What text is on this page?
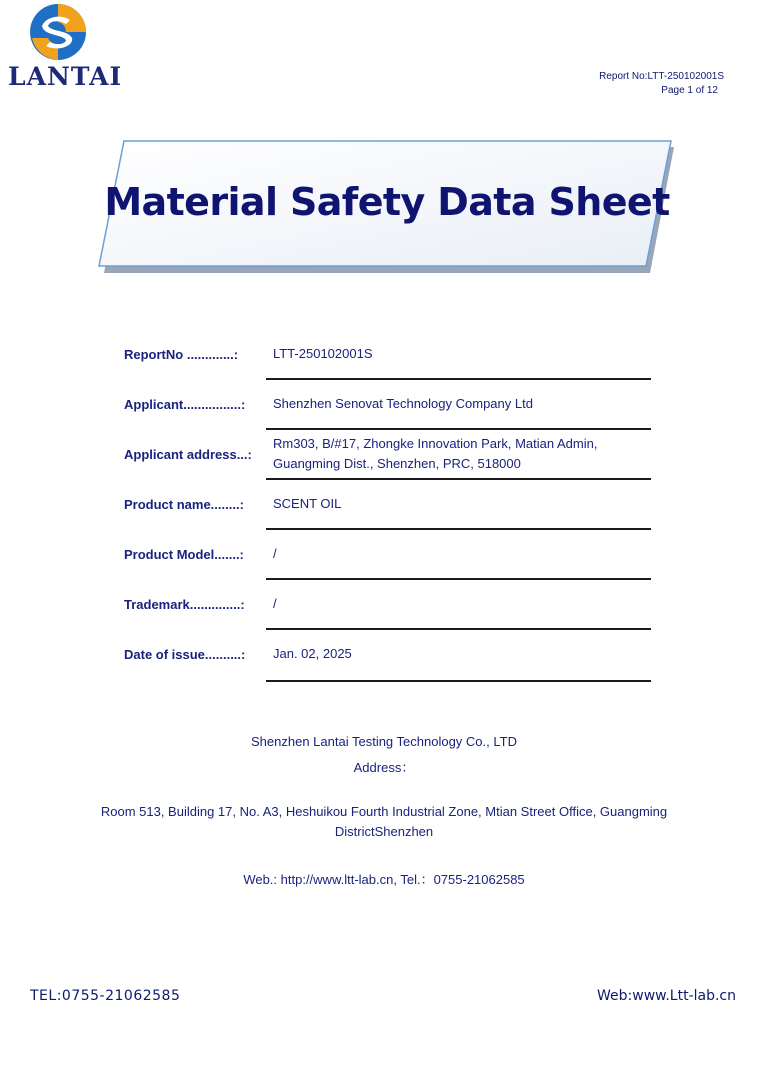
LANTAI	Report No:LTT-250102001S
Page 1 of 12
Material Safety Data Sheet
ReportNo .............:	LTT-250102001S
Applicant................:	Shenzhen Senovat Technology Company Ltd
Applicant address...:
Rm303, B/#17, Zhongke Innovation Park, Matian Admin,
Guangming Dist., Shenzhen, PRC, 518000
Product name........:	SCENT OIL
Product Model.......:	/
Trademark..............:	/
Date of issue..........:	Jan. 02, 2025
Shenzhen Lantai Testing Technology Co., LTD
Address：
Room 513, Building 17, No. A3, Heshuikou Fourth Industrial Zone, Mtian Street Office, Guangming
DistrictShenzhen
Web.: http://www.ltt-lab.cn, Tel.：0755-21062585
TEL:0755-21062585	Web:www.Ltt-lab.cn
